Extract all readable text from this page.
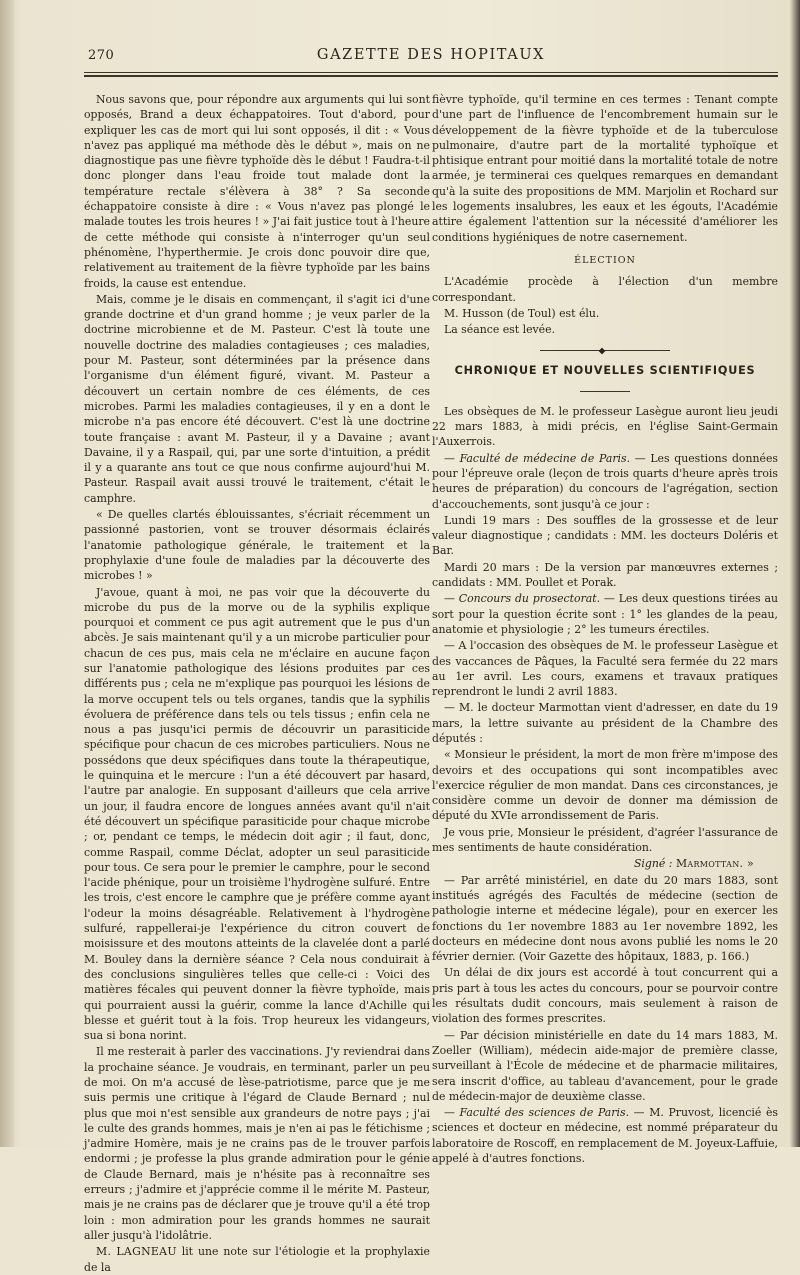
270	GAZETTE DES HOPITAUX

Nous savons que, pour répondre aux arguments qui lui sont opposés, Brand a deux échappatoires. Tout d'abord, pour expliquer les cas de mort qui lui sont opposés, il dit : « Vous n'avez pas appliqué ma méthode dès le début », mais on ne diagnostique pas une fièvre typhoïde dès le début ! Faudra-t-il donc plonger dans l'eau froide tout malade dont la température rectale s'élèvera à 38° ? Sa seconde échappatoire consiste à dire : « Vous n'avez pas plongé le malade toutes les trois heures ! » J'ai fait justice tout à l'heure de cette méthode qui consiste à n'interroger qu'un seul phénomène, l'hyperthermie. Je crois donc pouvoir dire que, relativement au traitement de la fièvre typhoïde par les bains froids, la cause est entendue.

Mais, comme je le disais en commençant, il s'agit ici d'une grande doctrine et d'un grand homme ; je veux parler de la doctrine microbienne et de M. Pasteur. C'est là toute une nouvelle doctrine des maladies contagieuses ; ces maladies, pour M. Pasteur, sont déterminées par la présence dans l'organisme d'un élément figuré, vivant. M. Pasteur a découvert un certain nombre de ces éléments, de ces microbes. Parmi les maladies contagieuses, il y en a dont le microbe n'a pas encore été découvert. C'est là une doctrine toute française : avant M. Pasteur, il y a Davaine ; avant Davaine, il y a Raspail, qui, par une sorte d'intuition, a prédit il y a quarante ans tout ce que nous confirme aujourd'hui M. Pasteur. Raspail avait aussi trouvé le traitement, c'était le camphre.

« De quelles clartés éblouissantes, s'écriait récemment un passionné pastorien, vont se trouver désormais éclairés l'anatomie pathologique générale, le traitement et la prophylaxie d'une foule de maladies par la découverte des microbes ! »

J'avoue, quant à moi, ne pas voir que la découverte du microbe du pus de la morve ou de la syphilis explique pourquoi et comment ce pus agit autrement que le pus d'un abcès. Je sais maintenant qu'il y a un microbe particulier pour chacun de ces pus, mais cela ne m'éclaire en aucune façon sur l'anatomie pathologique des lésions produites par ces différents pus ; cela ne m'explique pas pourquoi les lésions de la morve occupent tels ou tels organes, tandis que la syphilis évoluera de préférence dans tels ou tels tissus ; enfin cela ne nous a pas jusqu'ici permis de découvrir un parasiticide spécifique pour chacun de ces microbes particuliers. Nous ne possédons que deux spécifiques dans toute la thérapeutique, le quinquina et le mercure : l'un a été découvert par hasard, l'autre par analogie. En supposant d'ailleurs que cela arrive un jour, il faudra encore de longues années avant qu'il n'ait été découvert un spécifique parasiticide pour chaque microbe ; or, pendant ce temps, le médecin doit agir ; il faut, donc, comme Raspail, comme Déclat, adopter un seul parasiticide pour tous. Ce sera pour le premier le camphre, pour le second l'acide phénique, pour un troisième l'hydrogène sulfuré. Entre les trois, c'est encore le camphre que je préfère comme ayant l'odeur la moins désagréable. Relativement à l'hydrogène sulfuré, rappellerai-je l'expérience du citron couvert de moisissure et des moutons atteints de la clavelée dont a parlé M. Bouley dans la dernière séance ? Cela nous conduirait à des conclusions singulières telles que celle-ci : Voici des matières fécales qui peuvent donner la fièvre typhoïde, mais qui pourraient aussi la guérir, comme la lance d'Achille qui blesse et guérit tout à la fois. Trop heureux les vidangeurs, sua si bona norint.

Il me resterait à parler des vaccinations. J'y reviendrai dans la prochaine séance. Je voudrais, en terminant, parler un peu de moi. On m'a accusé de lèse-patriotisme, parce que je me suis permis une critique à l'égard de Claude Bernard ; nul plus que moi n'est sensible aux grandeurs de notre pays ; j'ai le culte des grands hommes, mais je n'en ai pas le fétichisme ; j'admire Homère, mais je ne crains pas de le trouver parfois endormi ; je professe la plus grande admiration pour le génie de Claude Bernard, mais je n'hésite pas à reconnaître ses erreurs ; j'admire et j'apprécie comme il le mérite M. Pasteur, mais je ne crains pas de déclarer que je trouve qu'il a été trop loin : mon admiration pour les grands hommes ne saurait aller jusqu'à l'idolâtrie.

M. LAGNEAU lit une note sur l'étiologie et la prophylaxie de la

fièvre typhoïde, qu'il termine en ces termes : Tenant compte d'une part de l'influence de l'encombrement humain sur le développement de la fièvre typhoïde et de la tuberculose pulmonaire, d'autre part de la mortalité typhoïque et phtisique entrant pour moitié dans la mortalité totale de notre armée, je terminerai ces quelques remarques en demandant qu'à la suite des propositions de MM. Marjolin et Rochard sur les logements insalubres, les eaux et les égouts, l'Académie attire également l'attention sur la nécessité d'améliorer les conditions hygiéniques de notre casernement.

ÉLECTION

L'Académie procède à l'élection d'un membre correspondant.

M. Husson (de Toul) est élu.

La séance est levée.

CHRONIQUE ET NOUVELLES SCIENTIFIQUES

Les obsèques de M. le professeur Lasègue auront lieu jeudi 22 mars 1883, à midi précis, en l'église Saint-Germain l'Auxerrois.

— Faculté de médecine de Paris. — Les questions données pour l'épreuve orale (leçon de trois quarts d'heure après trois heures de préparation) du concours de l'agrégation, section d'accouchements, sont jusqu'à ce jour :

Lundi 19 mars : Des souffles de la grossesse et de leur valeur diagnostique ; candidats : MM. les docteurs Doléris et Bar.

Mardi 20 mars : De la version par manœuvres externes ; candidats : MM. Poullet et Porak.

— Concours du prosectorat. — Les deux questions tirées au sort pour la question écrite sont : 1° les glandes de la peau, anatomie et physiologie ; 2° les tumeurs érectiles.

— A l'occasion des obsèques de M. le professeur Lasègue et des vaccances de Pâques, la Faculté sera fermée du 22 mars au 1er avril. Les cours, examens et travaux pratiques reprendront le lundi 2 avril 1883.

— M. le docteur Marmottan vient d'adresser, en date du 19 mars, la lettre suivante au président de la Chambre des députés :

« Monsieur le président, la mort de mon frère m'impose des devoirs et des occupations qui sont incompatibles avec l'exercice régulier de mon mandat. Dans ces circonstances, je considère comme un devoir de donner ma démission de député du XVIe arrondissement de Paris.

Je vous prie, Monsieur le président, d'agréer l'assurance de mes sentiments de haute considération.

Signé : Marmottan. »

— Par arrêté ministériel, en date du 20 mars 1883, sont institués agrégés des Facultés de médecine (section de pathologie interne et médecine légale), pour en exercer les fonctions du 1er novembre 1883 au 1er novembre 1892, les docteurs en médecine dont nous avons publié les noms le 20 février dernier. (Voir Gazette des hôpitaux, 1883, p. 166.)

Un délai de dix jours est accordé à tout concurrent qui a pris part à tous les actes du concours, pour se pourvoir contre les résultats dudit concours, mais seulement à raison de violation des formes prescrites.

— Par décision ministérielle en date du 14 mars 1883, M. Zoeller (William), médecin aide-major de première classe, surveillant à l'École de médecine et de pharmacie militaires, sera inscrit d'office, au tableau d'avancement, pour le grade de médecin-major de deuxième classe.

— Faculté des sciences de Paris. — M. Pruvost, licencié ès sciences et docteur en médecine, est nommé préparateur du laboratoire de Roscoff, en remplacement de M. Joyeux-Laffuie, appelé à d'autres fonctions.
